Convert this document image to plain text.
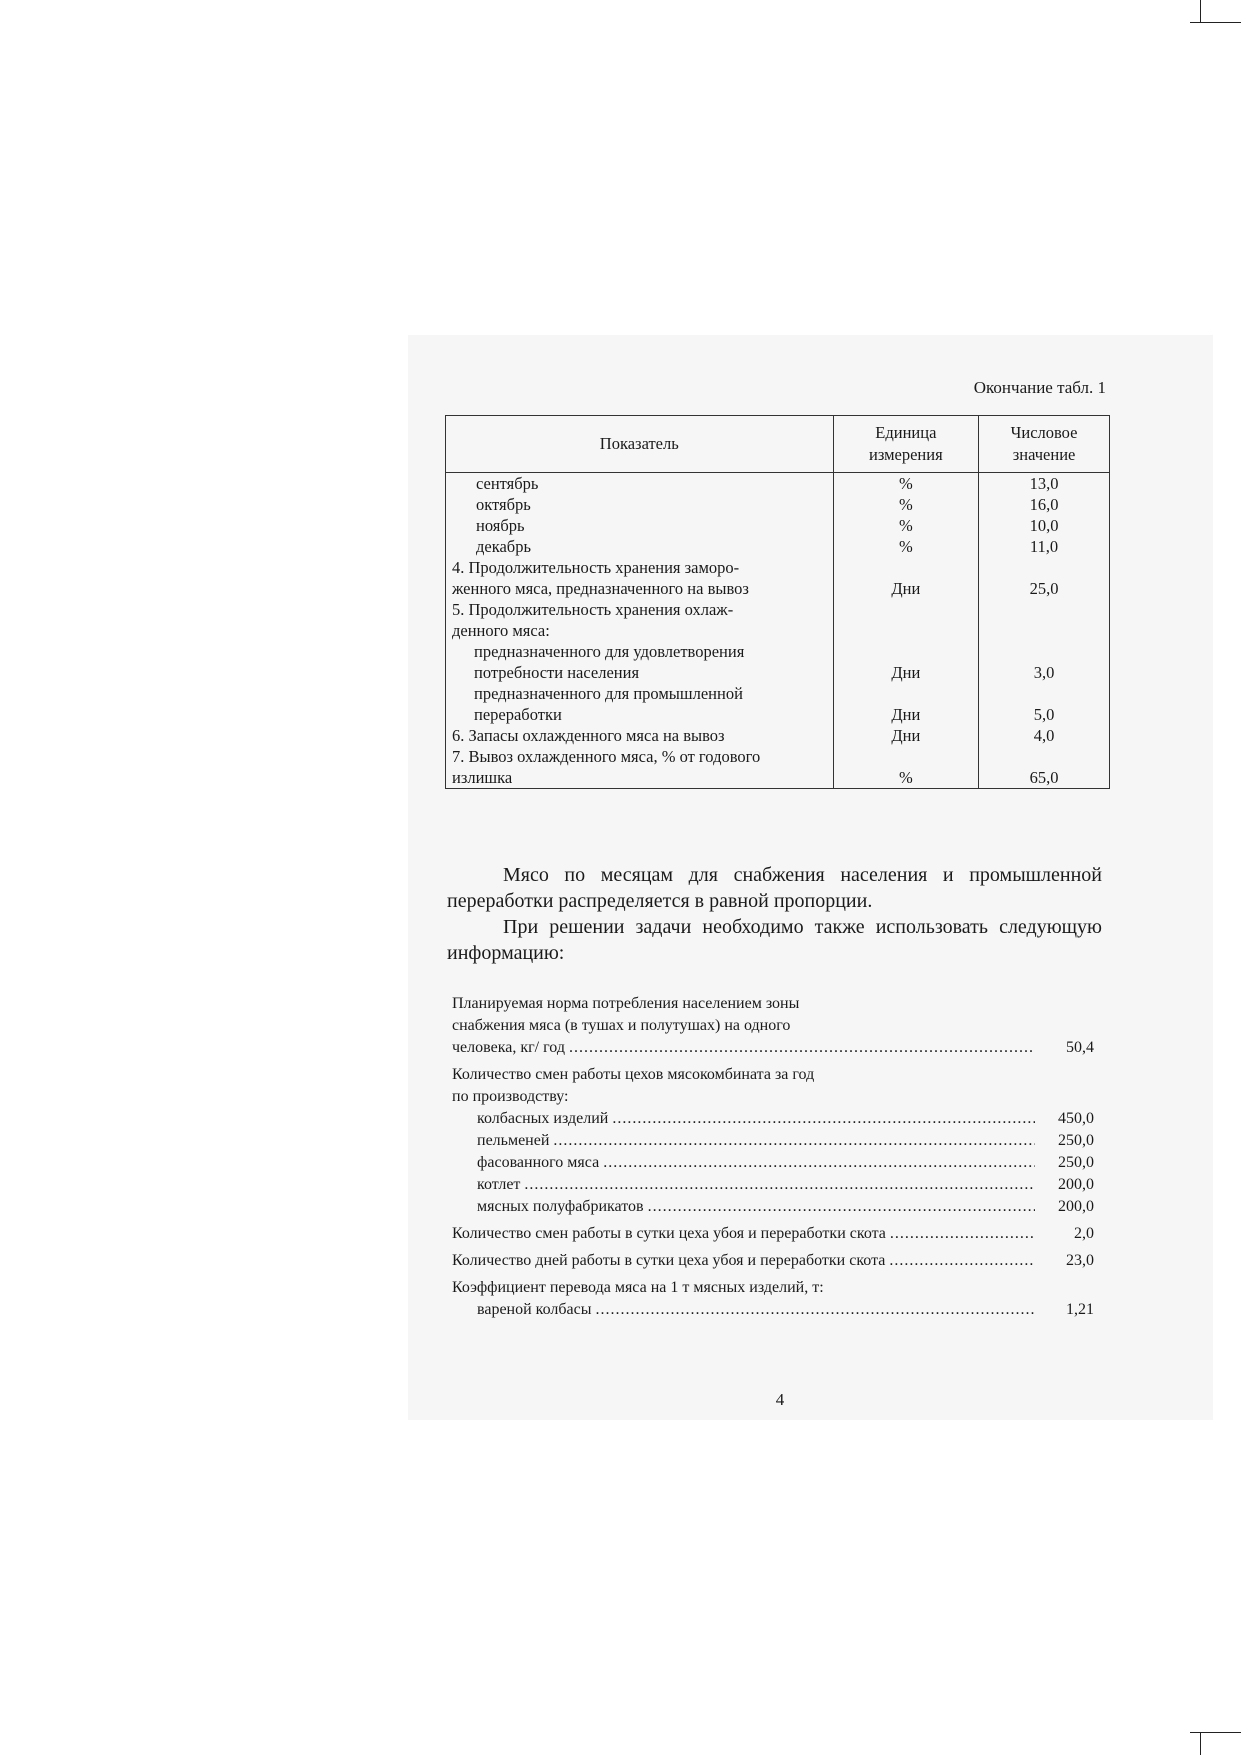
Окончание табл. 1
Показатель	Единица измерения	Числовое значение
сентябрь	%	13,0
октябрь	%	16,0
ноябрь	%	10,0
декабрь	%	11,0
4. Продолжительность хранения заморо-		
женного мяса, предназначенного на вывоз	Дни	25,0
5. Продолжительность хранения охлаж-		
денного мяса:		
предназначенного для удовлетворения		
потребности населения	Дни	3,0
предназначенного для промышленной		
переработки	Дни	5,0
6. Запасы охлажденного мяса на вывоз	Дни	4,0
7. Вывоз охлажденного мяса, % от годового		
излишка	%	65,0
Мясо по месяцам для снабжения населения и промышленной переработки распределяется в равной пропорции.
При решении задачи необходимо также использовать следующую информацию:
Планируемая норма потребления населением зоны
снабжения мяса (в тушах и полутушах) на одного
человека, кг/ год .....	50,4
Количество смен работы цехов мясокомбината за год
по производству:
колбасных изделий .....	450,0
пельменей .....	250,0
фасованного мяса .....	250,0
котлет .....	200,0
мясных полуфабрикатов .....	200,0
Количество смен работы в сутки цеха убоя и переработки скота .....	2,0
Количество дней работы в сутки цеха убоя и переработки скота .....	23,0
Коэффициент перевода мяса на 1 т мясных изделий, т:
вареной колбасы .....	1,21
4
